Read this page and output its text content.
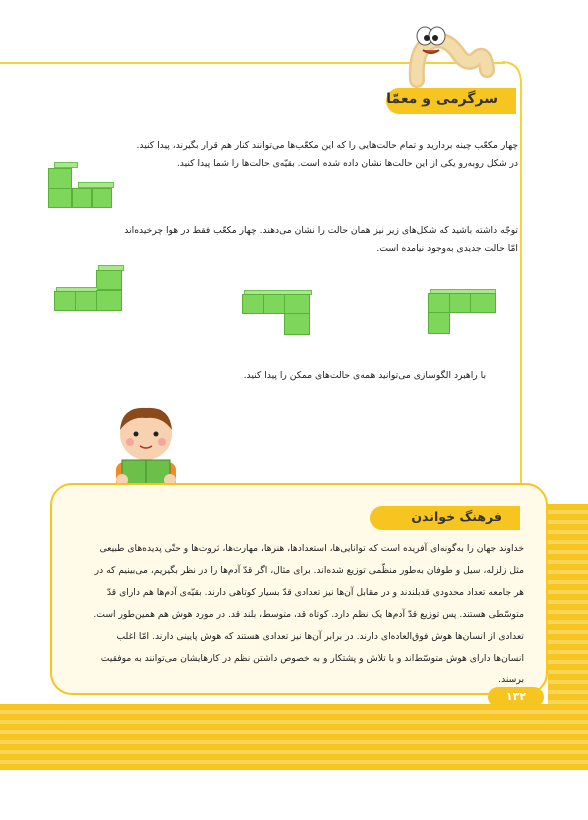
سرگرمی و معمّا
چهار مکعّب چینه بردارید و تمام حالت‌هایی را که این مکعّب‌ها می‌توانند کنار هم قرار بگیرند، پیدا کنید.
در شکل روبه‌رو یکی از این حالت‌ها نشان داده شده است. بقیّه‌ی حالت‌ها را شما پیدا کنید.
توجّه داشته باشید که شکل‌های زیر نیز همان حالت را نشان می‌دهند. چهار مکعّب فقط در هوا چرخیده‌اند
امّا حالت جدیدی به‌وجود نیامده است.
با راهبرد الگوسازی می‌توانید همه‌ی حالت‌های ممکن را پیدا کنید.
فرهنگ خواندن
خداوند جهان را به‌گونه‌ای آفریده است که توانایی‌ها، استعدادها، هنرها، مهارت‌ها، ثروت‌ها و حتّی پدیده‌های طبیعی
مثل زلزله، سیل و طوفان به‌طور منظّمی توزیع شده‌اند. برای مثال، اگر قدّ آدم‌ها را در نظر بگیریم، می‌بینیم که در
هر جامعه تعداد محدودی قدبلندند و در مقابل آن‌ها نیز تعدادی قدّ بسیار کوتاهی دارند. بقیّه‌ی آدم‌ها هم دارای قدّ
متوسّطی هستند. پس توزیع قدّ آدم‌ها یک نظم دارد. کوتاه قد، متوسط، بلند قد. در مورد هوش هم همین‌طور است.
تعدادی از انسان‌ها هوش فوق‌العاده‌ای دارند. در برابر آن‌ها نیز تعدادی هستند که هوش پایینی دارند. امّا اغلب
انسان‌ها دارای هوش متوسّط‌اند و با تلاش و پشتکار و به خصوص داشتن نظم در کارهایشان می‌توانند به موفقیت
برسند.
۱۳۲
